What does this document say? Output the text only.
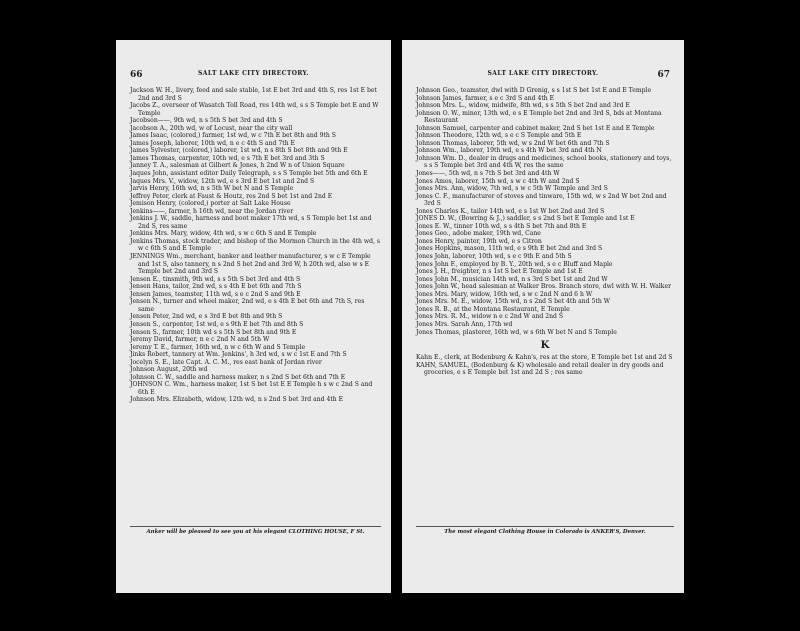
66	SALT LAKE CITY DIRECTORY.

Jackson W. H., livery, feed and sale stable, 1st E bet 3rd and 4th S, res 1st E bet 2nd and 3rd S

Jacobs Z., overseer of Wasatch Toll Road, res 14th wd, s s S Temple bet E and W Temple

Jacobson——, 9th wd, n s 5th S bet 3rd and 4th S

Jacobson A., 20th wd, w of Locust, near the city wall

James Isaac, (colored,) farmer, 1st wd, w c 7th E bet 8th and 9th S

James Joseph, laborer, 10th wd, n e c 4th S and 7th E

James Sylvester, (colored,) laborer, 1st wd, n s 8th S bet 8th and 9th E

James Thomas, carpenter, 10th wd, e s 7th E bet 3rd and 3th S

Janney T. A., salesman at Gilbert & Jones, h 2nd W n of Union Square

Jaques John, assistant editor Daily Telegraph, s s S Temple bet 5th and 6th E

Jaques Mrs. V., widow, 12th wd, e s 3rd E bet 1st and 2nd S

Jarvis Henry, 16th wd, n s 5th W bet N and S Temple

Jeffrey Peter, clerk at Faust & Houtz, res 2nd S bet 1st and 2nd E

Jemison Henry, (colored,) porter at Salt Lake House

Jenkins——, farmer, h 16th wd, near the Jordan river

Jenkins J. W., saddle, harness and boot maker 17th wd, s S Temple bet 1st and 2nd S, res same

Jenkins Mrs. Mary, widow, 4th wd, s w c 6th S and E Temple

Jenkins Thomas, stock trader, and bishop of the Mormon Church in the 4th wd, s w c 6th S and E Temple

JENNINGS Wm., merchant, banker and leather manufacturer, s w c E Temple and 1st S, also tannery, n s 2nd S bet 2nd and 3rd W, h 20th wd, also w s E Temple bet 2nd and 3rd S

Jensen E., tinsmith, 9th wd, s s 5th S bet 3rd and 4th S

Jensen Hans, tailor, 2nd wd, s s 4th E bet 6th and 7th S

Jensen James, teamster, 11th wd, s e c 2nd S and 9th E

Jensen N., turner and wheel maker, 2nd wd, e s 4th E bet 6th and 7th S, res same

Jensen Peter, 2nd wd, e s 3rd E bet 8th and 9th S

Jensen S., carpenter, 1st wd, e s 9th E bet 7th and 8th S

Jensen S., farmer, 10th wd s s 5th S bet 8th and 9th E

Jeremy David, farmer, n e c 2nd N and 5th W

Jeremy T. E., farmer, 16th wd, n w c 6th W and S Temple

Jinks Robert, tannery at Wm. Jenkins', h 3rd wd, s w c 1st E and 7th S

Jocelyn S. E., late Capt. A. C. M., res east bank of Jordan river

Johnson August, 20th wd

Johnson C. W., saddle and harness maker, n s 2nd S bet 6th and 7th E

JOHNSON C. Wm., harness maker, 1st S bet 1st E E Temple h s w c 2nd S and 6th E

Johnson Mrs. Elizabeth, widow, 12th wd, n s 2nd S bet 3rd and 4th E

Anker will be pleased to see you at his elegant CLOTHING HOUSE, F St.
SALT LAKE CITY DIRECTORY.	67

Johnson Geo., teamster, dwl with D Grenig, s s 1st S bet 1st E and E Temple

Johnson James, farmer, s e c 3rd S and 4th E

Johnson Mrs. L., widow, midwife, 8th wd, s s 5th S bet 2nd and 3rd E

Johnson O. W., miner, 13th wd, e s E Temple bet 2nd and 3rd S, bds at Montana Restaurant

Johnson Samuel, carpenter and cabinet maker, 2nd S bet 1st E and E Temple

Johnson Theodore, 12th wd, s e c S Temple and 5th E

Johnson Thomas, laborer, 5th wd, w s 2nd W bet 6th and 7th S

Johnson Wm., laborer, 19th wd, e s 4th W bet 3rd and 4th N

Johnson Wm. D., dealer in drugs and medicines, school books, stationery and toys, s s S Temple bet 3rd and 4th W, res the same

Jones——, 5th wd, n s 7th S bet 3rd and 4th W

Jones Amos, laborer, 15th wd, s w c 4th W and 2nd S

Jones Mrs. Ann, widow, 7th wd, s w c 5th W Temple and 3rd S

Jones C. F., manufacturer of stoves and tinware, 15th wd, w s 2nd W bet 2nd and 3rd S

Jones Charles K., tailor 14th wd, e s 1st W bet 2nd and 3rd S

JONES D. W., (Bowring & J.,) saddler, s s 2nd S bet E Temple and 1st E

Jones E. W., tinner 10th wd, s s 4th S bet 7th and 8th E

Jones Geo., adobe maker, 19th wd, Cane

Jones Henry, painter, 19th wd, e s Citron

Jones Hopkins, mason, 11th wd, e s 9th E bet 2nd and 3rd S

Jones John, laborer, 10th wd, s e c 9th E and 5th S

Jones John F., employed by B. Y., 20th wd, s e c Bluff and Maple

Jones J. H., freighter, n s 1st S bet E Temple and 1st E

Jones John M., musician 14th wd, n s 3rd S bet 1st and 2nd W

Jones John W., head salesman at Walker Bros. Branch store, dwl with W. H. Walker

Jones Mrs. Mary, widow, 16th wd, s w c 2nd N and 6 h W

Jones Mrs. M. E., widow, 15th wd, n s 2nd S bet 4th and 5th W

Jones R. B., at the Montana Restaurant, E Temple

Jones Mrs. R. M., widow n e c 2nd W and 2nd S

Jones Mrs. Sarah Ann, 17th wd

Jones Thomas, plasterer, 16th wd, w s 6th W bet N and S Temple

K

Kahn E., clerk, at Bodenburg & Kahn's, res at the store, E Temple bet 1st and 2d S

KAHN, SAMUEL, (Bodenburg & K) wholesale and retail dealer in dry goods and groceries, e s E Temple bet 1st and 2d S ; res same

The most elegant Clothing House in Colorado is ANKER'S, Denver.
